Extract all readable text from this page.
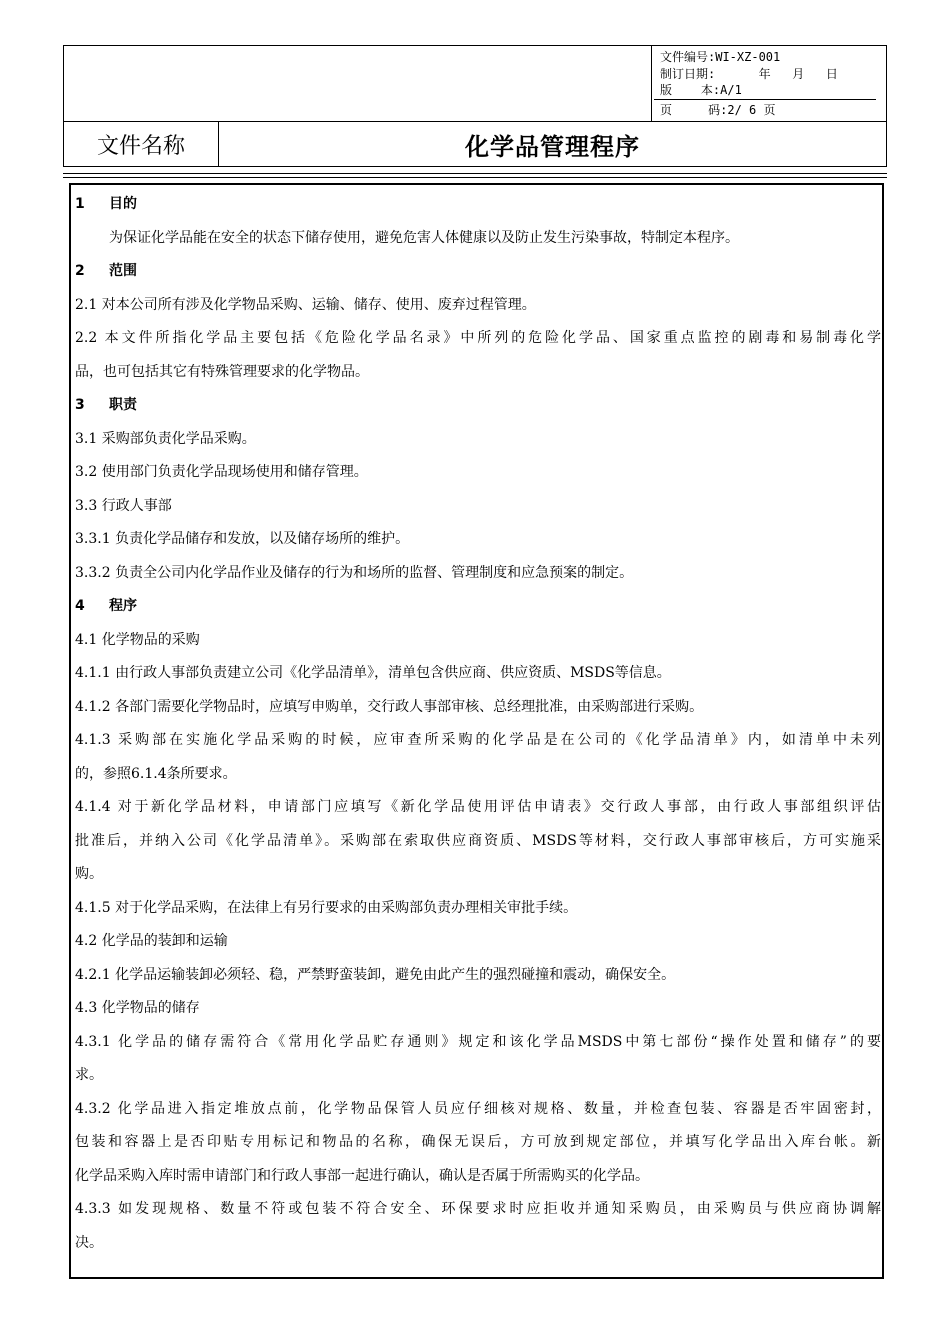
文件编号:WI-XZ-001
制订日期:      年   月   日
版    本:A/1
页     码:2/ 6 页
文件名称	化学品管理程序
1 目的
为保证化学品能在安全的状态下储存使用，避免危害人体健康以及防止发生污染事故，特制定本程序。
2 范围
2.1 对本公司所有涉及化学物品采购、运输、储存、使用、废弃过程管理。
2.2 本文件所指化学品主要包括《危险化学品名录》中所列的危险化学品、国家重点监控的剧毒和易制毒化学
品，也可包括其它有特殊管理要求的化学物品。
3 职责
3.1 采购部负责化学品采购。
3.2 使用部门负责化学品现场使用和储存管理。
3.3 行政人事部
3.3.1 负责化学品储存和发放，以及储存场所的维护。
3.3.2 负责全公司内化学品作业及储存的行为和场所的监督、管理制度和应急预案的制定。
4 程序
4.1 化学物品的采购
4.1.1 由行政人事部负责建立公司《化学品清单》，清单包含供应商、供应资质、MSDS等信息。
4.1.2 各部门需要化学物品时，应填写申购单，交行政人事部审核、总经理批准，由采购部进行采购。
4.1.3 采购部在实施化学品采购的时候，应审查所采购的化学品是在公司的《化学品清单》内，如清单中未列
的，参照6.1.4条所要求。
4.1.4 对于新化学品材料，申请部门应填写《新化学品使用评估申请表》交行政人事部，由行政人事部组织评估
批准后，并纳入公司《化学品清单》。采购部在索取供应商资质、MSDS等材料，交行政人事部审核后，方可实施采
购。
4.1.5 对于化学品采购，在法律上有另行要求的由采购部负责办理相关审批手续。
4.2 化学品的装卸和运输
4.2.1 化学品运输装卸必须轻、稳，严禁野蛮装卸，避免由此产生的强烈碰撞和震动，确保安全。
4.3 化学物品的储存
4.3.1 化学品的储存需符合《常用化学品贮存通则》规定和该化学品MSDS中第七部份“操作处置和储存”的要
求。
4.3.2 化学品进入指定堆放点前，化学物品保管人员应仔细核对规格、数量，并检查包装、容器是否牢固密封，
包装和容器上是否印贴专用标记和物品的名称，确保无误后，方可放到规定部位，并填写化学品出入库台帐。新
化学品采购入库时需申请部门和行政人事部一起进行确认，确认是否属于所需购买的化学品。
4.3.3 如发现规格、数量不符或包装不符合安全、环保要求时应拒收并通知采购员，由采购员与供应商协调解
决。
